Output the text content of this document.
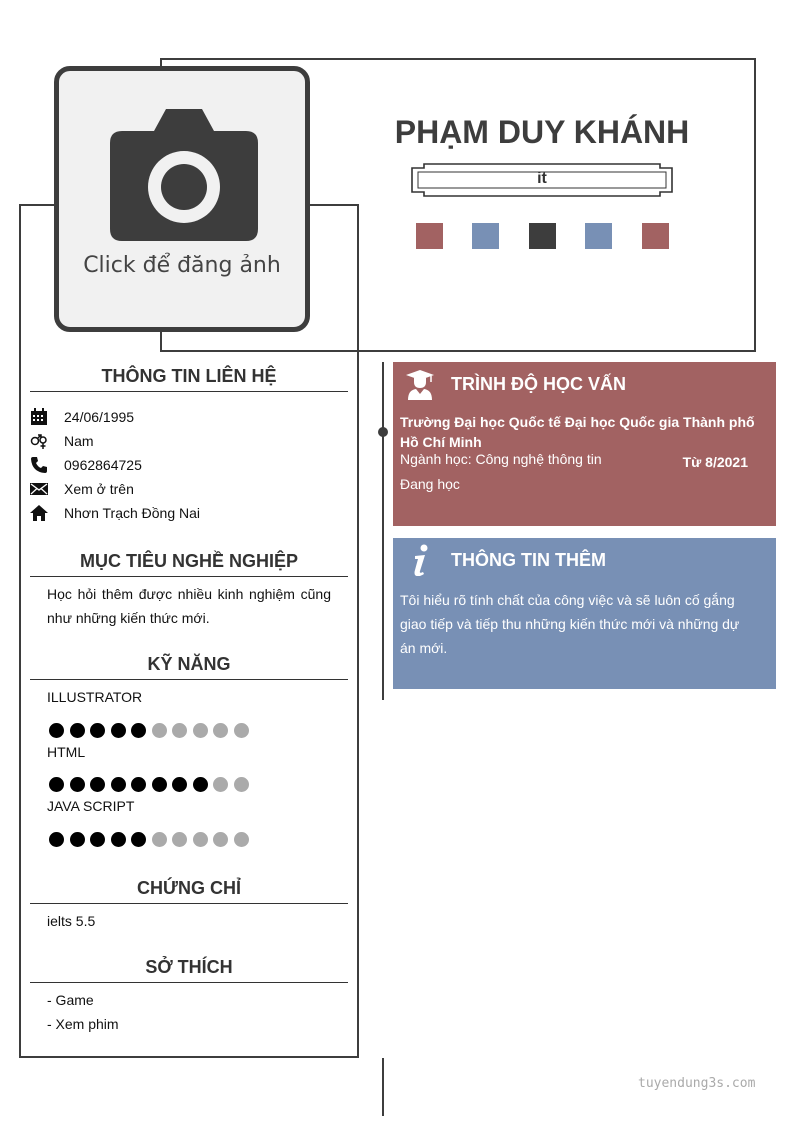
Click để đăng ảnh
PHẠM DUY KHÁNH
it
THÔNG TIN LIÊN HỆ
24/06/1995
Nam
0962864725
Xem ở trên
Nhơn Trạch Đồng Nai
MỤC TIÊU NGHỀ NGHIỆP
Học hỏi thêm được nhiều kinh nghiệm cũng như những kiến thức mới.
KỸ NĂNG
ILLUSTRATOR
HTML
JAVA SCRIPT
CHỨNG CHỈ
ielts 5.5
SỞ THÍCH
- Game
- Xem phim
TRÌNH ĐỘ HỌC VẤN
Trường Đại học Quốc tế Đại học Quốc gia Thành phố Hồ Chí Minh
Ngành học: Công nghệ thông tin	Từ 8/2021
Đang học
THÔNG TIN THÊM
Tôi hiểu rõ tính chất của công việc và sẽ luôn cố gắng giao tiếp và tiếp thu những kiến thức mới và những dự án mới.
tuyendung3s.com
